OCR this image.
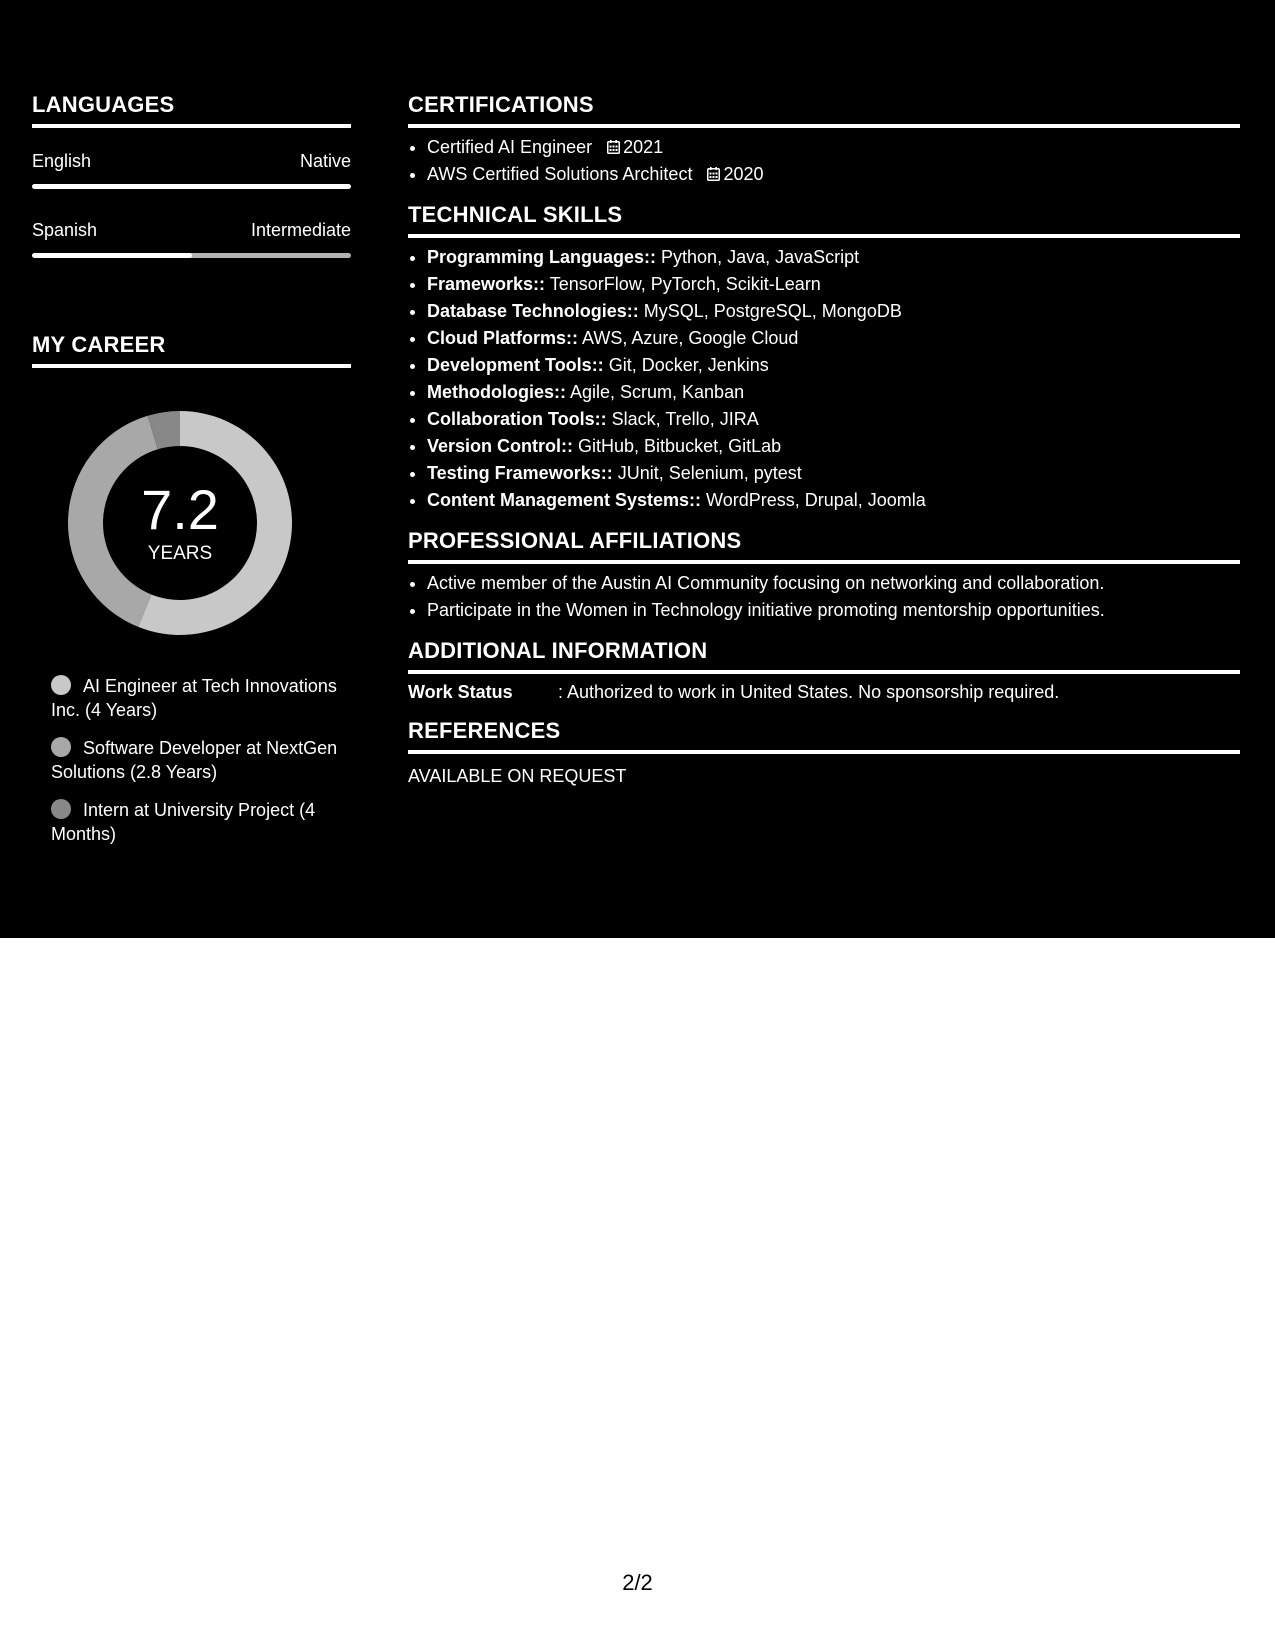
LANGUAGES
English	Native
Spanish	Intermediate
MY CAREER
7.2
YEARS
AI Engineer at Tech Innovations Inc. (4 Years)
Software Developer at NextGen Solutions (2.8 Years)
Intern at University Project (4 Months)
CERTIFICATIONS
• Certified AI Engineer 2021
• AWS Certified Solutions Architect 2020
TECHNICAL SKILLS
• Programming Languages:: Python, Java, JavaScript
• Frameworks:: TensorFlow, PyTorch, Scikit-Learn
• Database Technologies:: MySQL, PostgreSQL, MongoDB
• Cloud Platforms:: AWS, Azure, Google Cloud
• Development Tools:: Git, Docker, Jenkins
• Methodologies:: Agile, Scrum, Kanban
• Collaboration Tools:: Slack, Trello, JIRA
• Version Control:: GitHub, Bitbucket, GitLab
• Testing Frameworks:: JUnit, Selenium, pytest
• Content Management Systems:: WordPress, Drupal, Joomla
PROFESSIONAL AFFILIATIONS
• Active member of the Austin AI Community focusing on networking and collaboration.
• Participate in the Women in Technology initiative promoting mentorship opportunities.
ADDITIONAL INFORMATION
Work Status	: Authorized to work in United States. No sponsorship required.
REFERENCES
AVAILABLE ON REQUEST
2/2
